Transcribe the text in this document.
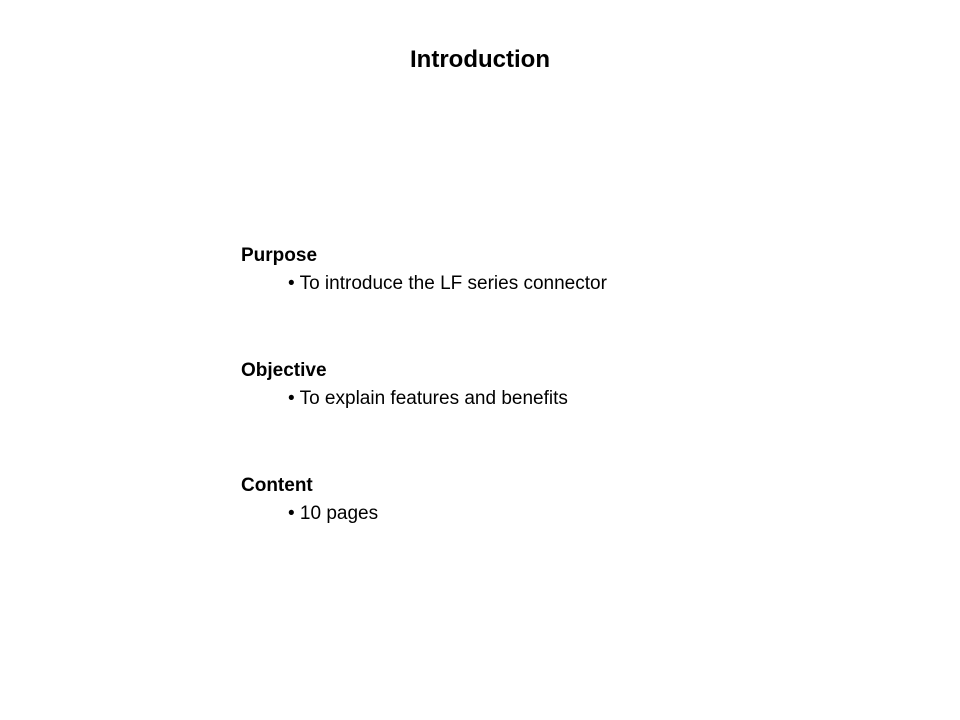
Introduction
Purpose
• To introduce the LF series connector
Objective
• To explain features and benefits
Content
• 10 pages
